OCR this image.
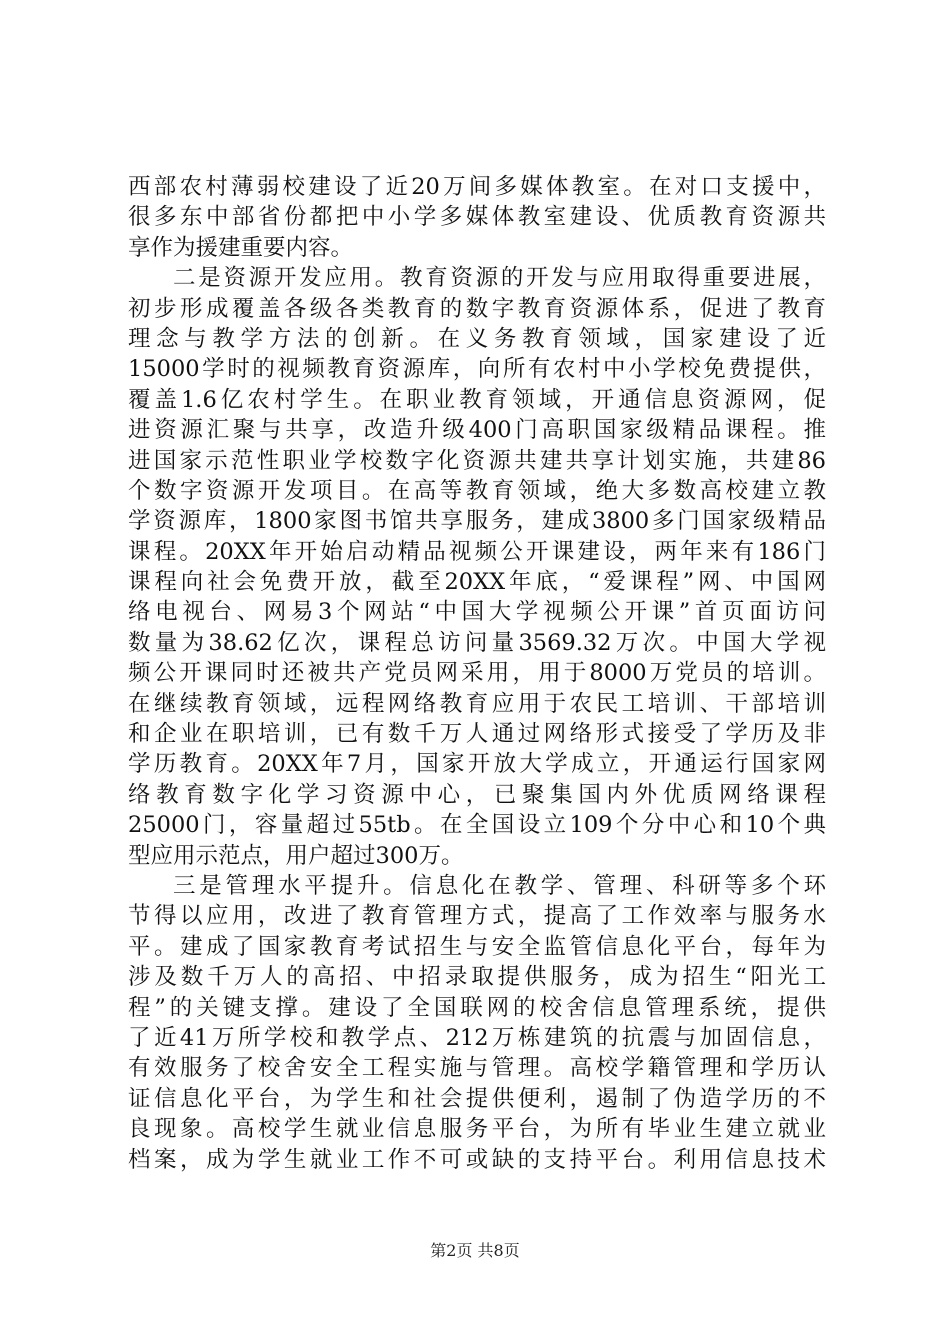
西部农村薄弱校建设了近20万间多媒体教室。在对口支援中，
很多东中部省份都把中小学多媒体教室建设、优质教育资源共
享作为援建重要内容。
二是资源开发应用。教育资源的开发与应用取得重要进展，
初步形成覆盖各级各类教育的数字教育资源体系，促进了教育
理念与教学方法的创新。在义务教育领域，国家建设了近
15000学时的视频教育资源库，向所有农村中小学校免费提供，
覆盖1.6亿农村学生。在职业教育领域，开通信息资源网，促
进资源汇聚与共享，改造升级400门高职国家级精品课程。推
进国家示范性职业学校数字化资源共建共享计划实施，共建86
个数字资源开发项目。在高等教育领域，绝大多数高校建立教
学资源库，1800家图书馆共享服务，建成3800多门国家级精品
课程。20XX年开始启动精品视频公开课建设，两年来有186门
课程向社会免费开放，截至20XX年底，“爱课程”网、中国网
络电视台、网易3个网站“中国大学视频公开课”首页面访问
数量为38.62亿次，课程总访问量3569.32万次。中国大学视
频公开课同时还被共产党员网采用，用于8000万党员的培训。
在继续教育领域，远程网络教育应用于农民工培训、干部培训
和企业在职培训，已有数千万人通过网络形式接受了学历及非
学历教育。20XX年7月，国家开放大学成立，开通运行国家网
络教育数字化学习资源中心，已聚集国内外优质网络课程
25000门，容量超过55tb。在全国设立109个分中心和10个典
型应用示范点，用户超过300万。
三是管理水平提升。信息化在教学、管理、科研等多个环
节得以应用，改进了教育管理方式，提高了工作效率与服务水
平。建成了国家教育考试招生与安全监管信息化平台，每年为
涉及数千万人的高招、中招录取提供服务，成为招生“阳光工
程”的关键支撑。建设了全国联网的校舍信息管理系统，提供
了近41万所学校和教学点、212万栋建筑的抗震与加固信息，
有效服务了校舍安全工程实施与管理。高校学籍管理和学历认
证信息化平台，为学生和社会提供便利，遏制了伪造学历的不
良现象。高校学生就业信息服务平台，为所有毕业生建立就业
档案，成为学生就业工作不可或缺的支持平台。利用信息技术
第2页 共8页
